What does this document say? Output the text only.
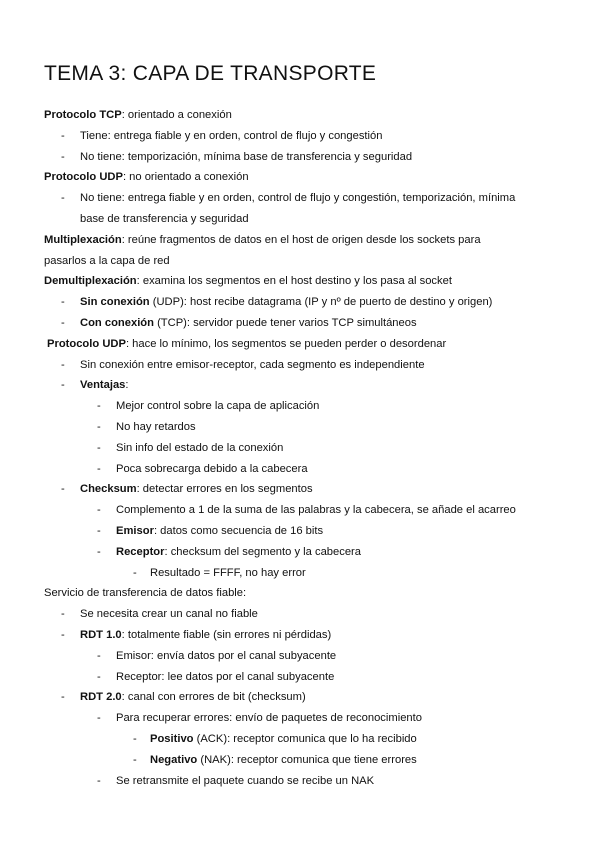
TEMA 3: CAPA DE TRANSPORTE
Protocolo TCP: orientado a conexión
- Tiene: entrega fiable y en orden, control de flujo y congestión
- No tiene: temporización, mínima base de transferencia y seguridad
Protocolo UDP: no orientado a conexión
- No tiene: entrega fiable y en orden, control de flujo y congestión, temporización, mínima
base de transferencia y seguridad
Multiplexación: reúne fragmentos de datos en el host de origen desde los sockets para
pasarlos a la capa de red
Demultiplexación: examina los segmentos en el host destino y los pasa al socket
- Sin conexión (UDP): host recibe datagrama (IP y nº de puerto de destino y origen)
- Con conexión (TCP): servidor puede tener varios TCP simultáneos
Protocolo UDP: hace lo mínimo, los segmentos se pueden perder o desordenar
- Sin conexión entre emisor-receptor, cada segmento es independiente
- Ventajas:
- Mejor control sobre la capa de aplicación
- No hay retardos
- Sin info del estado de la conexión
- Poca sobrecarga debido a la cabecera
- Checksum: detectar errores en los segmentos
- Complemento a 1 de la suma de las palabras y la cabecera, se añade el acarreo
- Emisor: datos como secuencia de 16 bits
- Receptor: checksum del segmento y la cabecera
- Resultado = FFFF, no hay error
Servicio de transferencia de datos fiable:
- Se necesita crear un canal no fiable
- RDT 1.0: totalmente fiable (sin errores ni pérdidas)
- Emisor: envía datos por el canal subyacente
- Receptor: lee datos por el canal subyacente
- RDT 2.0: canal con errores de bit (checksum)
- Para recuperar errores: envío de paquetes de reconocimiento
- Positivo (ACK): receptor comunica que lo ha recibido
- Negativo (NAK): receptor comunica que tiene errores
- Se retransmite el paquete cuando se recibe un NAK
